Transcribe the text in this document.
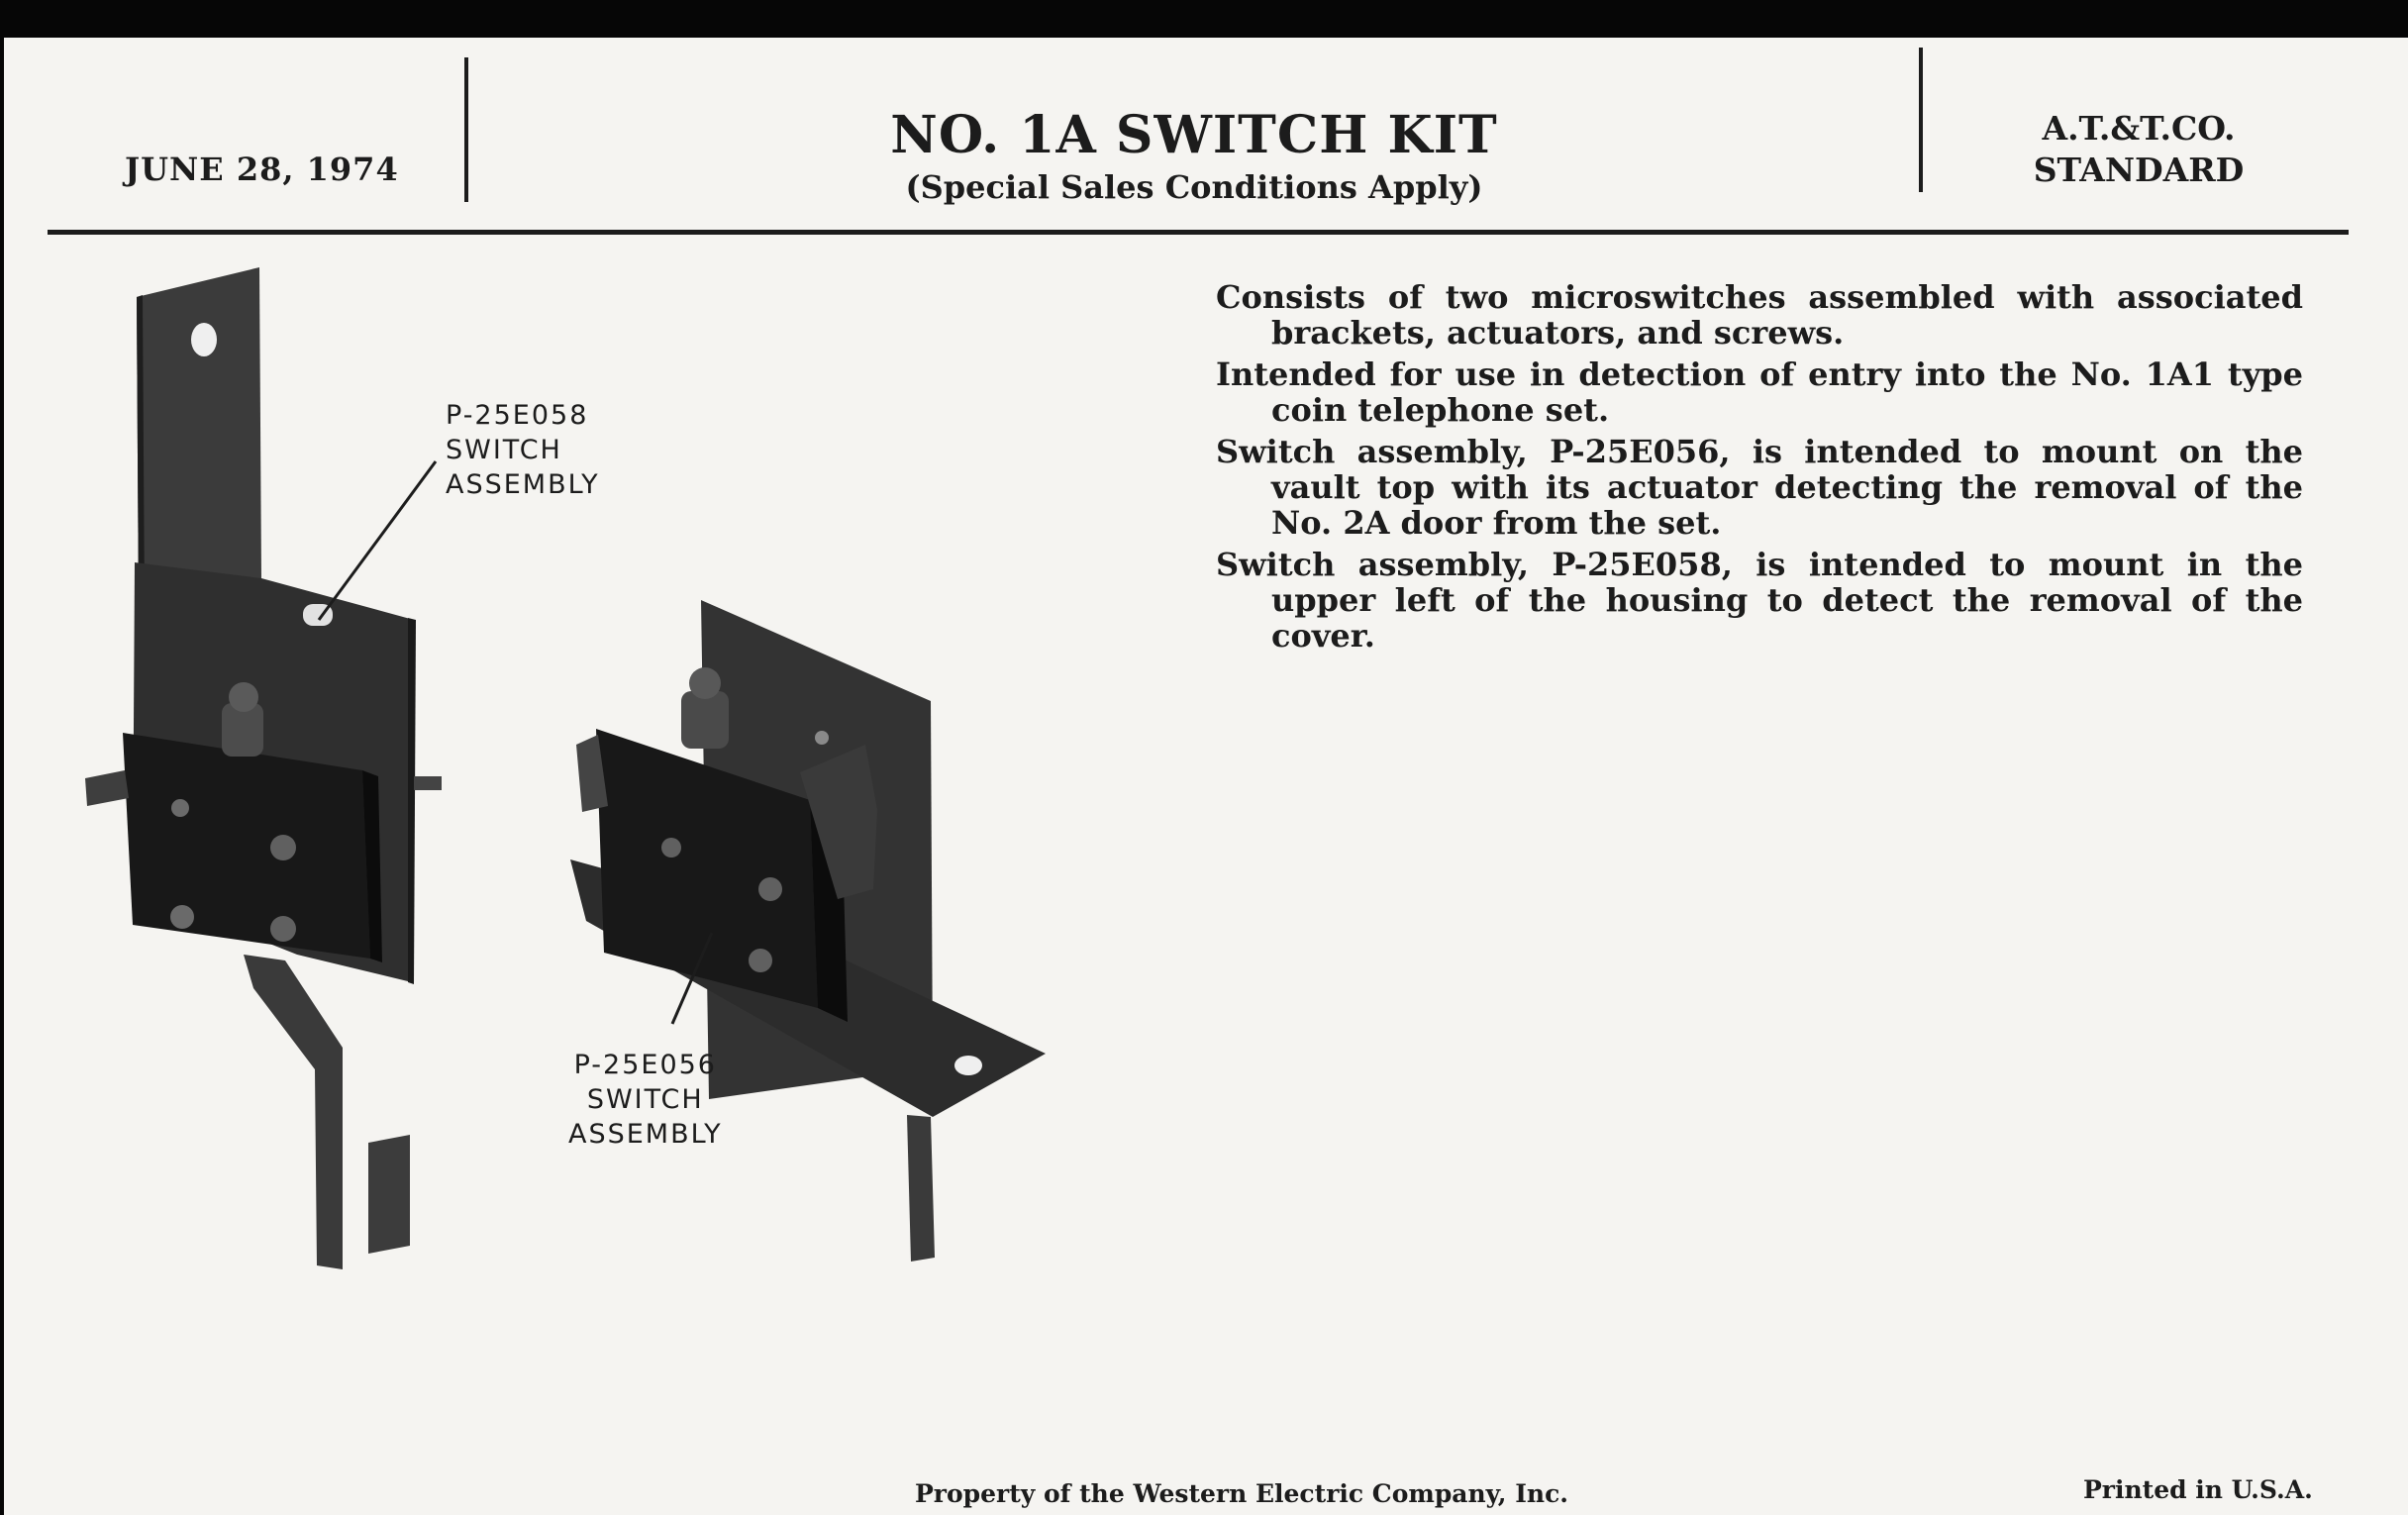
JUNE 28, 1974
NO. 1A SWITCH KIT
(Special Sales Conditions Apply)
A.T.&T.CO.
STANDARD

Consists of two microswitches assembled with associated brackets, actuators, and screws.

Intended for use in detection of entry into the No. 1A1 type coin telephone set.

Switch assembly, P-25E056, is intended to mount on the vault top with its actuator detecting the removal of the No. 2A door from the set.

Switch assembly, P-25E058, is intended to mount in the upper left of the housing to detect the removal of the cover.

P-25E058
SWITCH
ASSEMBLY
P-25E056
SWITCH
ASSEMBLY
Property of the Western Electric Company, Inc.	Printed in U.S.A.
